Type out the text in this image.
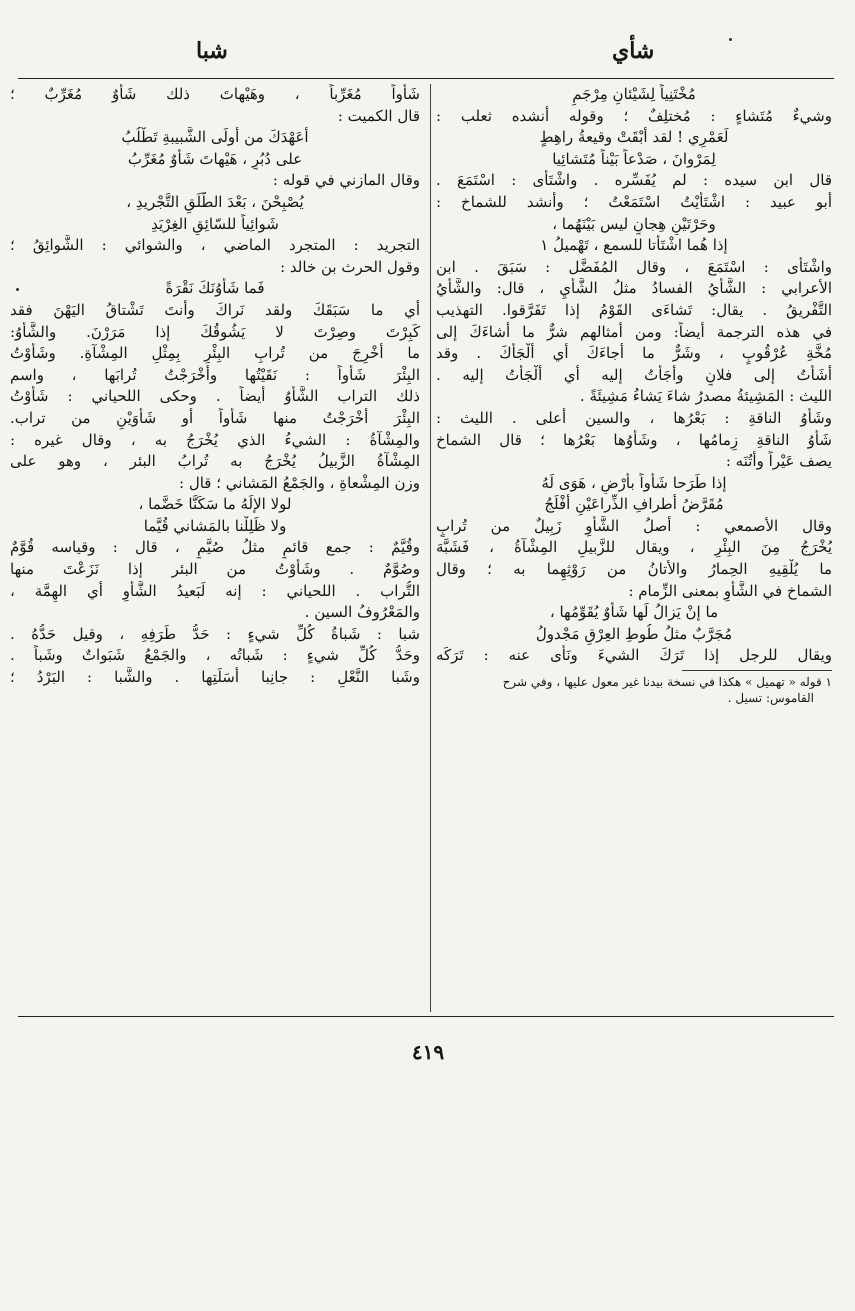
شأي
شبا
مُخْتَنِياً لِشَيْئانِ مِرْجَمِ
وشيءٌ مُتَشاءٍ : مُختلِفٌ ؛ وقوله أنشده ثعلب :
لَعَمْرِي ! لقد أَبْقَتْ وقيعةُ راهِطٍ
لِمَرْوانَ ، صَدْعاً بَيْناً مُتَشائِيا
قال ابن سيده : لم يُفَسِّره . واشْتَأَى : اسْتَمَعَ .
أبو عبيد : اشْتَأَيْتُ اسْتَمَعْتُ ؛ وأنشد للشماخ :
وحَرْتَيْنِ هِجانٍ ليس بَيْنَهُما ،
إذا هُما اشْتَأَتا للسمع ، تَهْميلُ ١
واشْتَأَى : اسْتَمَعَ ، وقال المُفَضَّل : سَبَقَ . ابن
الأعرابي : الشَّأْيُ الفسادُ مثلُ الشَّأْيِ ، قال: والشَّأْيُ
التَّفْريقُ . يقال: تَشاءَى القَوْمُ إذا تَفَرَّقوا. التهذيب
في هذه الترجمة أيضاً: ومن أمثالهم شرٌّ ما أَشاءَكَ إلى
مُخَّةِ عُرْقُوبٍ ، وشَرٌّ ما أَجاءَكَ أي أَلْجَأَكَ . وقد
أَشَأْتُ إلى فلانٍ وأَجَأْتُ إليه أي أَلْجَأْتُ إليه .
الليث : المَشِيئةُ مصدرُ شاءَ يَشاءُ مَشِيئَةً .
وشَأْوُ الناقةِ : بَعْرُها ، والسين أَعلى . الليث :
شَأْوُ الناقةِ زِمامُها ، وشَأْوُها بَعْرُها ؛ قال الشماخ
يصف عَيْراً وأُتُنَه :
إذا طَرَحا شَأْواً بأَرْضٍ ، هَوَى لَهُ
مُقَرَّضُ أَطرافِ الذِّراعَيْنِ أَفْلَجُ
وقال الأصمعي : أَصلُ الشَّأْوِ زَبِيلٌ من تُرابٍ
يُخْرَجُ مِنَ البِئْرِ ، ويقال للزَّبيلِ المِشْآةُ ، فَشَبَّهَ
ما يُلْقِيهِ الحِمارُ والأَتانُ من رَوْثِهِما به ؛ وقال
الشماخ في الشَّأْوِ بمعنى الزِّمام :
ما إنْ يَزالُ لَها شَأْوٌ يُقَوِّمُها ،
مُجَرَّبٌ مثلُ طُوطِ العِرْقِ مَجْدولُ
ويقال للرجل إذا تَرَكَ الشيءَ ونَأَى عنه : تَرَكَه
١ قوله « تهميل » هكذا في نسخة بيدنا غير معول عليها ، وفي شرح
القاموس: تسيل .
شَأْواً مُغَرِّباً ، وهَيْهاتَ ذلك شَأْوٌ مُغَرِّبٌ ؛
قال الكميت :
أَعَهْدَكَ من أُولَى الشَّبيبةِ تَطْلُبُ
على دُبُرٍ ، هَيْهاتَ شَأْوٌ مُغَرِّبُ
وقال المازني في قوله :
يُصْبِحْنَ ، بَعْدَ الطَّلَقِ التَّجْريدِ ،
شَوائِياً للسّائِقِ الغِرْيَدِ
التجريد : المتجرد الماضي ، والشوائي : الشَّوائِقُ ؛
وقول الحرث بن خالد :
فَما شَأْوُنَكَ نَقْرَةً
أي ما سَبَقَكَ ولقد نَراكَ وأنتَ تَشْتاقُ اليَهْنَ فقد
كَبِرْتَ وصِرْتَ لا يَشُوقُكَ إذا مَرَرْنَ. والشَّأْوُ:
ما أُخْرِجَ من تُرابِ البِئْرِ بِمِثْلِ المِشْآةِ. وشَأَوْتُ
البِئْرَ شَأْواً : نَقَيْتُها وأَخْرَجْتُ تُرابَها ، واسم
ذلك التراب الشَّأْوُ أيضاً . وحكى اللحياني : شَأَوْتُ
البِئْرَ أَخْرَجْتُ منها شَأْواً أو شَأْوَيْنِ من تراب.
والمِشْآةُ : الشيءُ الذي يُخْرَجُ به ، وقال غيره :
المِشْآةُ الزَّبيلُ يُخْرَجُ به تُرابُ البئر ، وهو على
وزن المِشْعاةِ ، والجَمْعُ المَشاني ؛ قال :
لولا الإلَهُ ما سَكَنَّا خَضَّما ،
ولا ظَلِلْنا بالمَشاني قُيَّما
وقُيَّمٌ : جمع قائمٍ مثلُ صُيَّمٍ ، قال : وقياسه قُوَّمٌ
وصُوَّمٌ . وشَأَوْتُ من البئر إذا نَزَعْتَ منها
التُّراب . اللحياني : إنه لَبَعيدُ الشَّأْوِ أي الهِمَّة ،
والمَعْرُوفُ السين .
شبا : شَباةُ كُلِّ شيءٍ : حَدُّ طَرَفِهِ ، وقيل حَدُّهُ .
وحَدُّ كُلِّ شيءٍ : شَباتُه ، والجَمْعُ شَبَواتٌ وشَباً .
وشَبا النَّعْلِ : جانِبا أَسَلَتِها . والشَّبا : البَرْدُ ؛
٤١٩
